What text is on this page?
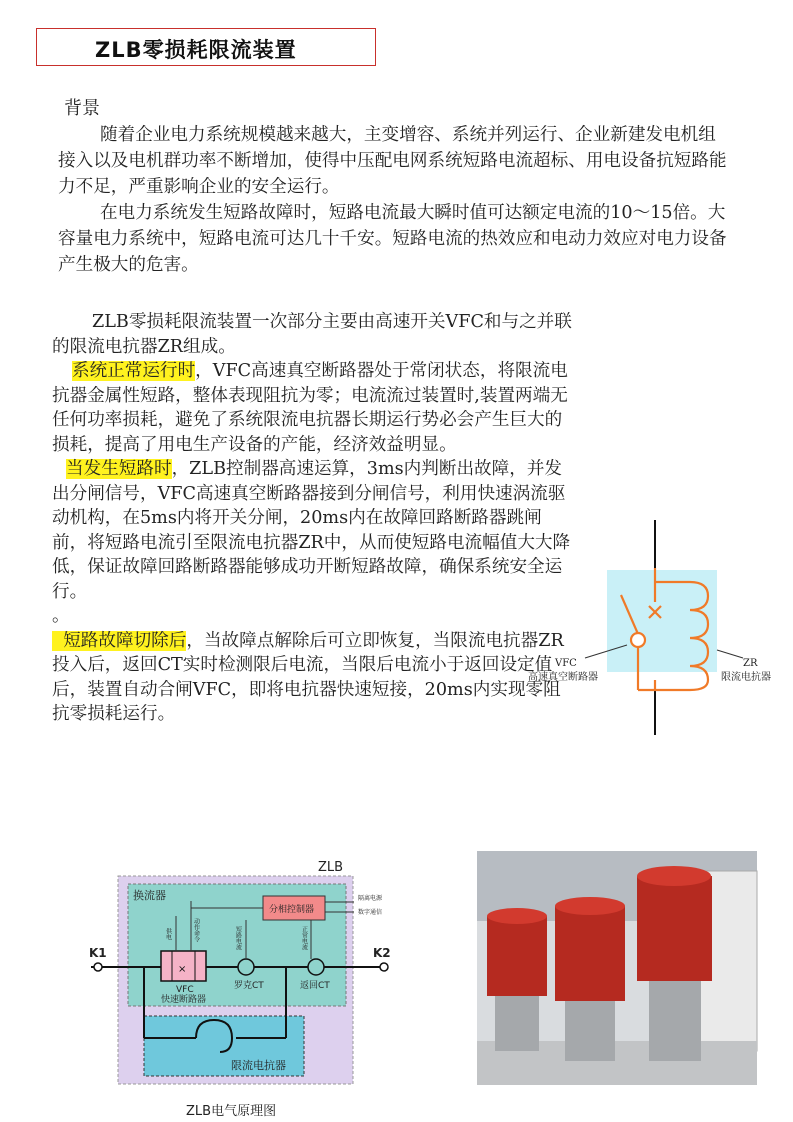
ZLB零损耗限流装置
背景
随着企业电力系统规模越来越大，主变增容、系统并列运行、企业新建发电机组接入以及电机群功率不断增加，使得中压配电网系统短路电流超标、用电设备抗短路能力不足，严重影响企业的安全运行。
在电力系统发生短路故障时，短路电流最大瞬时值可达额定电流的10～15倍。大容量电力系统中，短路电流可达几十千安。短路电流的热效应和电动力效应对电力设备产生极大的危害。
ZLB零损耗限流装置一次部分主要由高速开关VFC和与之并联的限流电抗器ZR组成。
系统正常运行时，VFC高速真空断路器处于常闭状态，将限流电抗器金属性短路，整体表现阻抗为零；电流流过装置时,装置两端无任何功率损耗，避免了系统限流电抗器长期运行势必会产生巨大的损耗，提高了用电生产设备的产能，经济效益明显。
当发生短路时，ZLB控制器高速运算，3ms内判断出故障，并发出分闸信号，VFC高速真空断路器接到分闸信号，利用快速涡流驱动机构，在5ms内将开关分闸，20ms内在故障回路断路器跳闸前，将短路电流引至限流电抗器ZR中，从而使短路电流幅值大大降低，保证故障回路断路器能够成功开断短路故障，确保系统安全运行。
。
短路故障切除后，当故障点解除后可立即恢复，当限流电抗器ZR投入后，返回CT实时检测限后电流，当限后电流小于返回设定值后，装置自动合闸VFC，即将电抗器快速短接，20ms内实现零阻抗零损耗运行。
VFC
高速真空断路器
ZR
限流电抗器
ZLB
换流器
分相控制器
隔离电源
数字通信
K1	K2
×
VFC
快速断路器
罗克CT	返回CT
供电	动作命令	短路电流	正常电流
限流电抗器
ZLB电气原理图
